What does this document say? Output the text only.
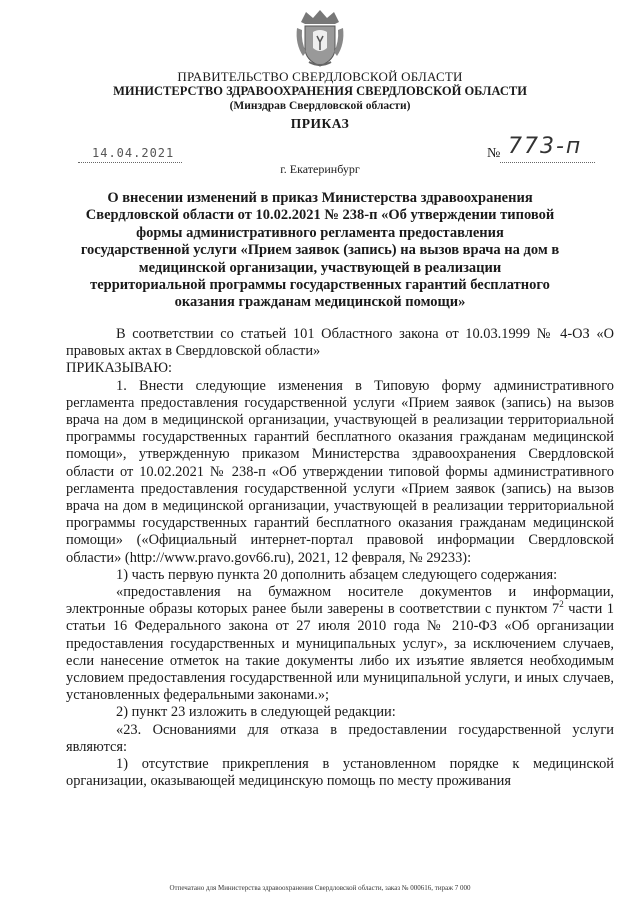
ПРАВИТЕЛЬСТВО СВЕРДЛОВСКОЙ ОБЛАСТИ
МИНИСТЕРСТВО ЗДРАВООХРАНЕНИЯ СВЕРДЛОВСКОЙ ОБЛАСТИ
(Минздрав Свердловской области)
ПРИКАЗ
14.04.2021	№ 773-п
г. Екатеринбург
О внесении изменений в приказ Министерства здравоохранения Свердловской области от 10.02.2021 № 238-п «Об утверждении типовой формы административного регламента предоставления государственной услуги «Прием заявок (запись) на вызов врача на дом в медицинской организации, участвующей в реализации территориальной программы государственных гарантий бесплатного оказания гражданам медицинской помощи»

В соответствии со статьей 101 Областного закона от 10.03.1999 № 4-ОЗ «О правовых актах в Свердловской области»

ПРИКАЗЫВАЮ:

1. Внести следующие изменения в Типовую форму административного регламента предоставления государственной услуги «Прием заявок (запись) на вызов врача на дом в медицинской организации, участвующей в реализации территориальной программы государственных гарантий бесплатного оказания гражданам медицинской помощи», утвержденную приказом Министерства здравоохранения Свердловской области от 10.02.2021 № 238-п «Об утверждении типовой формы административного регламента предоставления государственной услуги «Прием заявок (запись) на вызов врача на дом в медицинской организации, участвующей в реализации территориальной программы государственных гарантий бесплатного оказания гражданам медицинской помощи» («Официальный интернет-портал правовой информации Свердловской области» (http://www.pravo.gov66.ru), 2021, 12 февраля, № 29233):

1) часть первую пункта 20 дополнить абзацем следующего содержания:

«предоставления на бумажном носителе документов и информации, электронные образы которых ранее были заверены в соответствии с пунктом $7^2$ части 1 статьи 16 Федерального закона от 27 июля 2010 года № 210-ФЗ «Об организации предоставления государственных и муниципальных услуг», за исключением случаев, если нанесение отметок на такие документы либо их изъятие является необходимым условием предоставления государственной или муниципальной услуги, и иных случаев, установленных федеральными законами.»;

2) пункт 23 изложить в следующей редакции:

«23. Основаниями для отказа в предоставлении государственной услуги являются:

1) отсутствие прикрепления в установленном порядке к медицинской организации, оказывающей медицинскую помощь по месту проживания

Отпечатано для Министерства здравоохранения Свердловской области, заказ № 000616, тираж 7 000
